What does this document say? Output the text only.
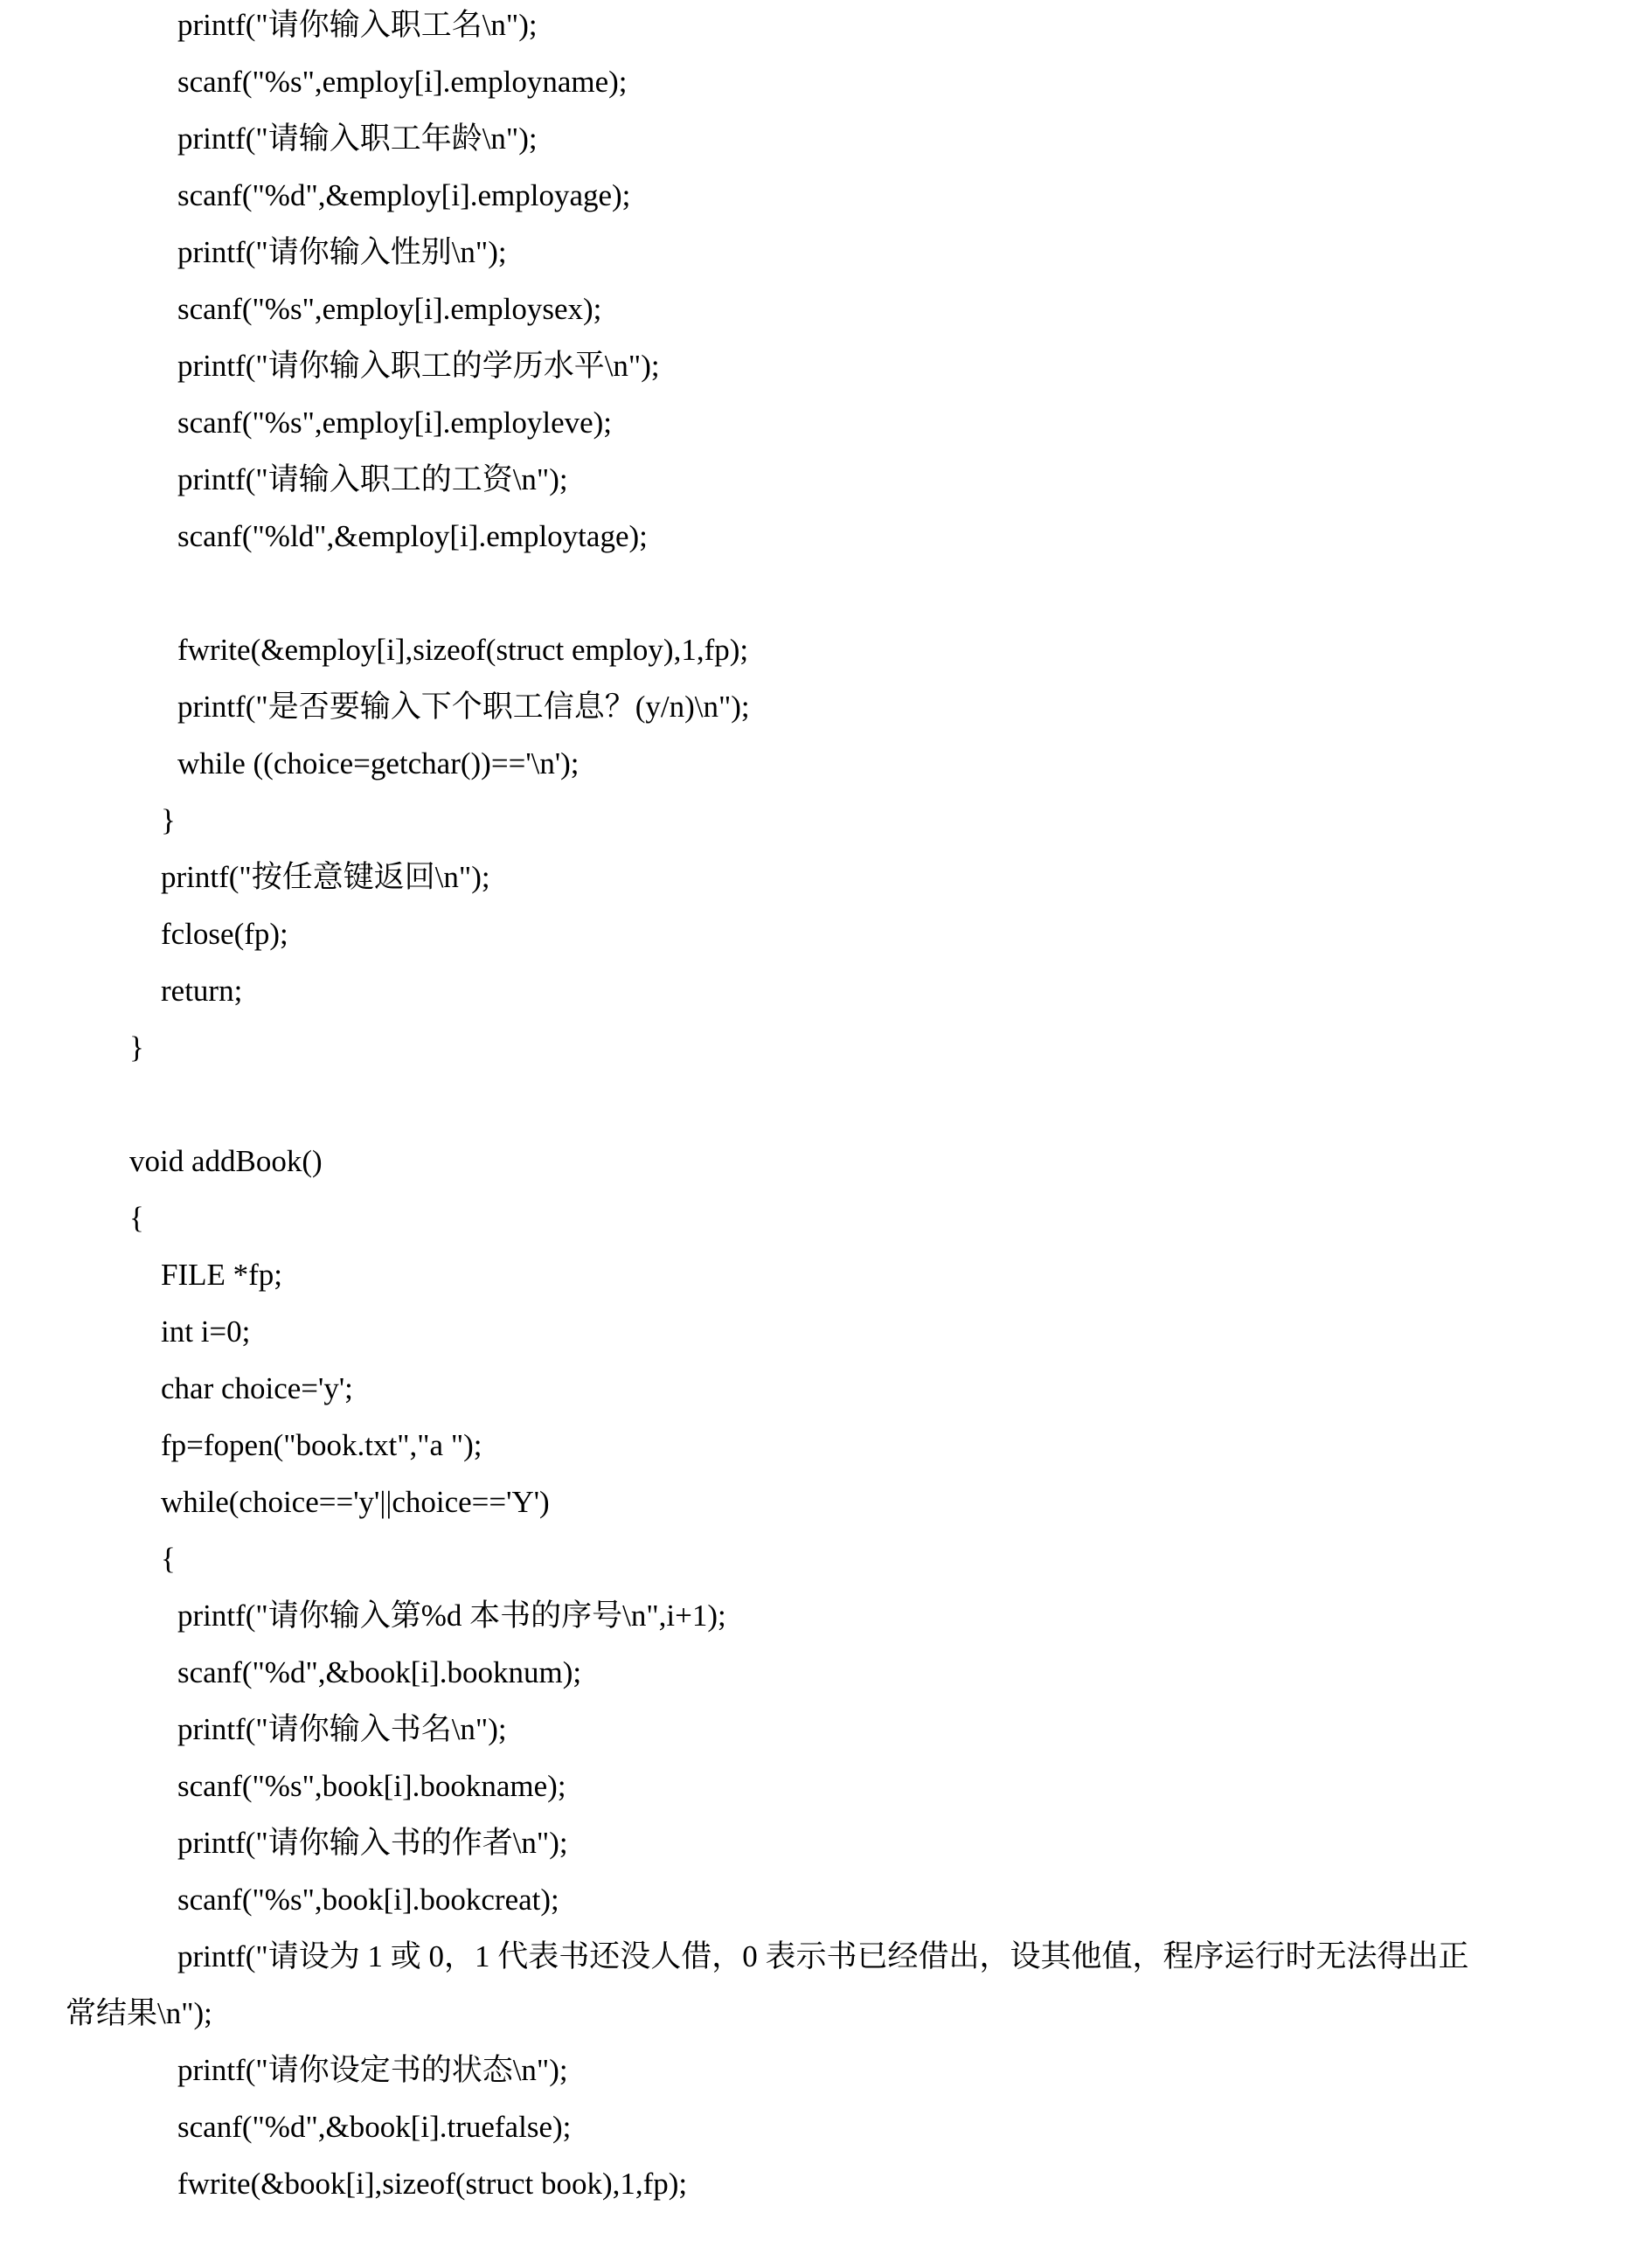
printf("请你输入职工名\n");

scanf("%s",employ[i].employname);

printf("请输入职工年龄\n");

scanf("%d",&employ[i].employage);

printf("请你输入性别\n");

scanf("%s",employ[i].employsex);

printf("请你输入职工的学历水平\n");

scanf("%s",employ[i].employleve);

printf("请输入职工的工资\n");

scanf("%ld",&employ[i].employtage);

fwrite(&employ[i],sizeof(struct employ),1,fp);

printf("是否要输入下个职工信息？(y/n)\n");

while ((choice=getchar())=='\n');

}

printf("按任意键返回\n");

fclose(fp);

return;

}

void addBook()

{

FILE *fp;

int i=0;

char choice='y';

fp=fopen("book.txt","a ");

while(choice=='y'||choice=='Y')

{

printf("请你输入第%d 本书的序号\n",i+1);

scanf("%d",&book[i].booknum);

printf("请你输入书名\n");

scanf("%s",book[i].bookname);

printf("请你输入书的作者\n");

scanf("%s",book[i].bookcreat);

printf("请设为 1 或 0，1 代表书还没人借，0 表示书已经借出，设其他值，程序运行时无法得出正

常结果\n");

printf("请你设定书的状态\n");

scanf("%d",&book[i].truefalse);

fwrite(&book[i],sizeof(struct book),1,fp);
